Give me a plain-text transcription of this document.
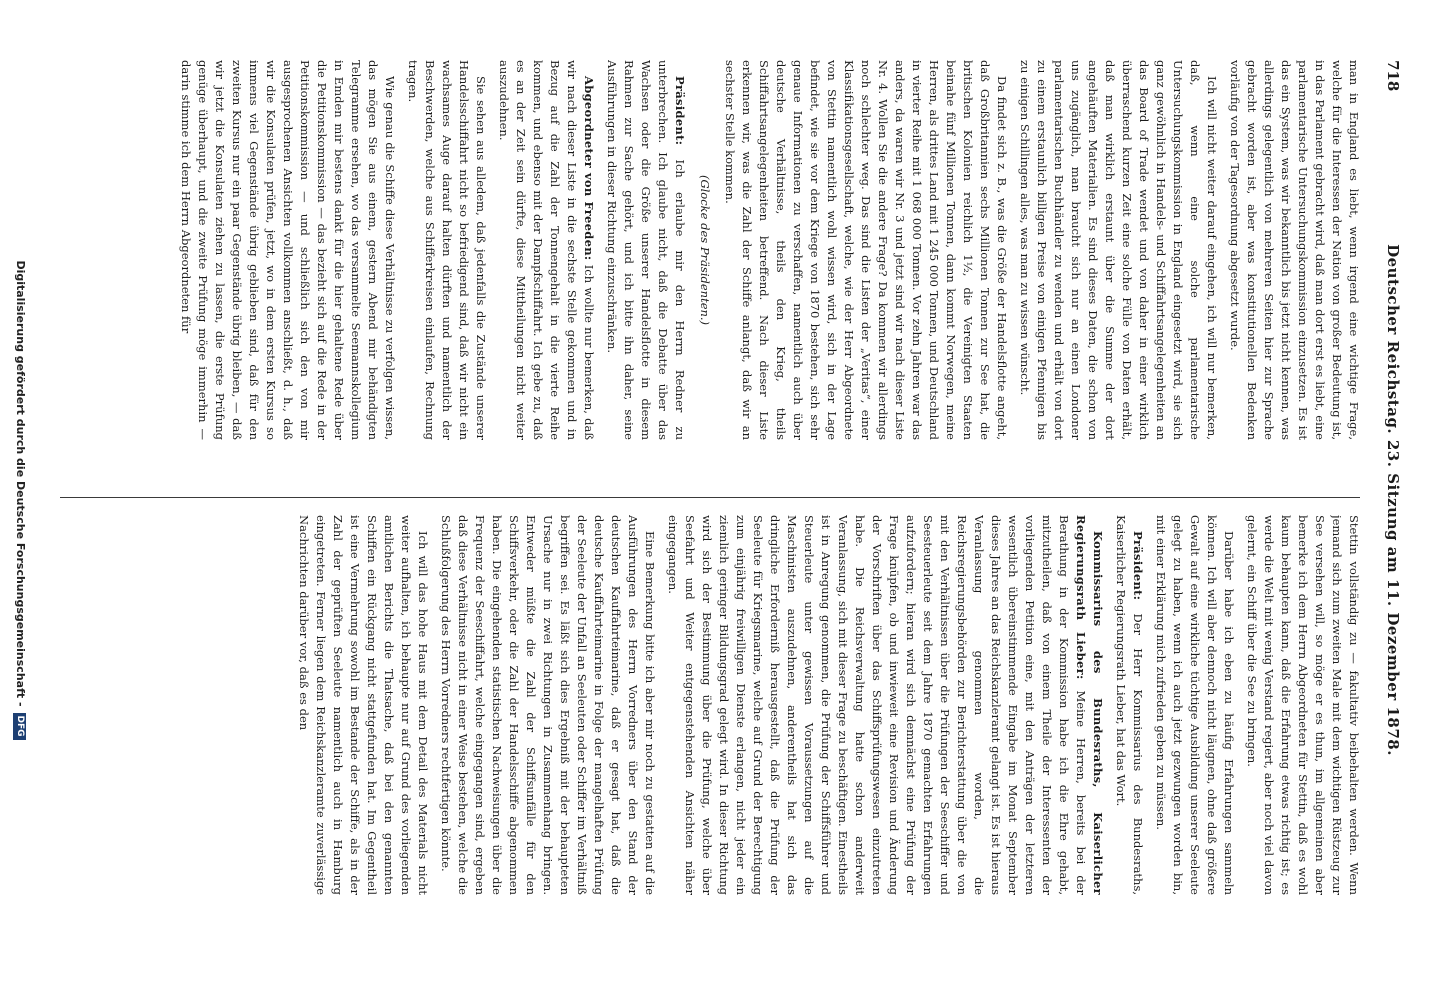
718
Deutscher Reichstag. 23. Sitzung am 11. Dezember 1878.

man in England es liebt, wenn irgend eine wichtige Frage, welche für die Interessen der Nation von großer Bedeutung ist, in das Parlament gebracht wird, daß man dort erst es liebt, eine parlamentarische Untersuchungskommission einzusetzen. Es ist das ein System, was wir bekanntlich bis jetzt nicht kennen, was allerdings gelegentlich von mehreren Seiten hier zur Sprache gebracht worden ist, aber was konstitutionellen Bedenken vorläufig von der Tagesordnung abgesetzt wurde.

Ich will nicht weiter darauf eingehen, ich will nur bemerken, daß, wenn eine solche parlamentarische Untersuchungskommission in England eingesetzt wird, sie sich ganz gewöhnlich in Handels- und Schiffahrtsangelegenheiten an das Board of Trade wendet und von daher in einer wirklich überraschend kurzen Zeit eine solche Fülle von Daten erhält, daß man wirklich erstaunt über die Summe der dort angehäuften Materialien. Es sind dieses Daten, die schon von uns zugänglich, man braucht sich nur an einen Londoner parlamentarischen Buchhändler zu wenden und erhält von dort zu einem erstaunlich billigen Preise von einigen Pfennigen bis zu einigen Schillingen alles, was man zu wissen wünscht.

Da findet sich z. B., was die Größe der Handelsflotte angeht, daß Großbritannien sechs Millionen Tonnen zur See hat, die britischen Kolonien reichlich 1½, die Vereinigten Staaten beinahe fünf Millionen Tonnen, dann kommt Norwegen, meine Herren, als drittes Land mit 1 245 000 Tonnen, und Deutschland in vierter Reihe mit 1 068 000 Tonnen. Vor zehn Jahren war das anders, da waren wir Nr. 3 und jetzt sind wir nach dieser Liste Nr. 4. Wollen Sie die andere Frage? Da kommen wir allerdings noch schlechter weg. Das sind die Listen der „Veritas“, einer Klassifikationsgesellschaft, welche, wie der Herr Abgeordnete von Stettin namentlich wohl wissen wird, sich in der Lage befindet, wie sie vor dem Kriege von 1870 bestehen, sich sehr genaue Informationen zu verschaffen, namentlich auch über deutsche Verhältnisse, theils den Krieg, theils Schiffahrtsangelegenheiten betreffend. Nach dieser Liste erkennen wir, was die Zahl der Schiffe anlangt, daß wir an sechster Stelle kommen.

(Glocke des Präsidenten.)

Präsident: Ich erlaube mir den Herrn Redner zu unterbrechen. Ich glaube nicht, daß die Debatte über das Wachsen oder die Größe unserer Handelsflotte in diesem Rahmen zur Sache gehört, und ich bitte ihn daher, seine Ausführungen in dieser Richtung einzuschränken.

Abgeordneter von Freeden: Ich wollte nur bemerken, daß wir nach dieser Liste in die sechste Stelle gekommen und in Bezug auf die Zahl der Tonnengehalt in die vierte Reihe kommen, und ebenso mit der Dampfschiffahrt. Ich gebe zu, daß es an der Zeit sein dürfte, diese Mittheilungen nicht weiter auszudehnen.

Sie sehen aus alledem, daß jedenfalls die Zustände unserer Handelsschiffahrt nicht so befriedigend sind, daß wir nicht ein wachsames Auge darauf halten dürften und namentlich der Beschwerden, welche aus Schifferkreisen einlaufen, Rechnung tragen.

Wie genau die Schiffe diese Verhältnisse zu verfolgen wissen, das mögen Sie aus einem, gestern Abend mir behändigten Telegramme ersehen, wo das versammelte Seemannskollegium in Emden mir bestens dankt für die hier gehaltene Rede über die Petitionskommission — das bezieht sich auf die Rede in der Petitionskommission — und schließlich sich den von mir ausgesprochenen Ansichten vollkommen anschließt, d. h., daß wir die Konsulaten prüfen, jetzt, wo in dem ersten Kursus so immens viel Gegenstände übrig geblieben sind, daß für den zweiten Kursus nur ein paar Gegenstände übrig bleiben, — daß wir jetzt die Konsulaten ziehen zu lassen, die erste Prüfung genüge überhaupt, und die zweite Prüfung möge immerhin — darin stimme ich dem Herrn Abgeordneten für

Stettin vollständig zu — fakultativ beibehalten werden. Wenn jemand sich zum zweiten Male mit dem wichtigen Rüstzeug zur See versehen will, so möge er es thun, im allgemeinen aber bemerke ich dem Herrn Abgeordneten für Stettin, daß es wohl kaum behaupten kann, daß die Erfahrung etwas richtig ist; es werde die Welt mit wenig Verstand regiert, aber noch viel davon gelernt, ein Schiff über die See zu bringen.

Darüber habe ich eben zu häufig Erfahrungen sammeln können. Ich will aber dennoch nicht läugnen, ohne daß größere Gewalt auf eine wirkliche tüchtige Ausbildung unserer Seeleute gelegt zu haben, wenn ich auch jetzt gezwungen worden bin, mit einer Erklärung mich zufrieden geben zu müssen.

Präsident: Der Herr Kommissarius des Bundesraths, Kaiserlicher Regierungsrath Lieber, hat das Wort.

Kommissarius des Bundesraths, Kaiserlicher Regierungsrath Lieber: Meine Herren, bereits bei der Berathung in der Kommission habe ich die Ehre gehabt, mitzutheilen, daß von einem Theile der Interessenten der vorliegenden Petition eine, mit den Anträgen der letzteren wesentlich übereinstimmende Eingabe im Monat September dieses Jahres an das Reichskanzleramt gelangt ist. Es ist hieraus Veranlassung genommen worden, die Reichsregierungsbehörden zur Berichterstattung über die von mit den Verhältnissen über die Prüfungen der Seeschiffer und Seesteuerleute seit dem Jahre 1870 gemachten Erfahrungen aufzufordern; hieran wird sich demnächst eine Prüfung der Frage knüpfen, ob und inwieweit eine Revision und Änderung der Vorschriften über das Schiffsprüfungswesen einzutreten habe. Die Reichsverwaltung hatte schon anderweit Veranlassung, sich mit dieser Frage zu beschäftigen. Einestheils ist in Anregung genommen, die Prüfung der Schiffsführer und Steuerleute unter gewissen Voraussetzungen auf die Maschinisten auszudehnen, anderentheils hat sich das dringliche Erforderniß herausgestellt, daß die Prüfung der Seeleute für Kriegsmarine, welche auf Grund der Berechtigung zum einjährig freiwilligen Dienste erlangen, nicht jeder ein ziemlich geringer Bildungsgrad gelegt wird. In dieser Richtung wird sich der Bestimmung über die Prüfung, welche über Seefahrt und Weiter entgegenstehenden Ansichten näher eingegangen.

Eine Bemerkung bitte ich aber mir noch zu gestatten auf die Ausführungen des Herrn Vorredners über den Stand der deutschen Kauffahrteimarine, daß er gesagt hat, daß die deutsche Kauffahrteimarine in Folge der mangelhaften Prüfung der Seeleute der Unfall an Seeleuten oder Schiffer im Verhältniß begriffen sei. Es läßt sich dies Ergebniß mit der behaupteten Ursache nur in zwei Richtungen in Zusammenhang bringen. Entweder müßte die Zahl der Schiffsunfälle für den Schiffsverkehr, oder die Zahl der Handelsschiffe abgenommen haben. Die eingehenden statistischen Nachweisungen über die Frequenz der Seeschiffahrt, welche eingegangen sind, ergeben daß diese Verhältnisse nicht in einer Weise bestehen, welche die Schlußfolgerung des Herrn Vorredners rechtfertigen könnte.

Ich will das hohe Haus mit dem Detail des Materials nicht weiter aufhalten, ich behaupte nur auf Grund des vorliegenden amtlichen Berichts die Thatsache, daß bei den genannten Schiffen ein Rückgang nicht stattgefunden hat. Im Gegentheil ist eine Vermehrung sowohl im Bestande der Schiffe, als in der Zahl der geprüften Seeleute namentlich auch in Hamburg eingetreten. Ferner liegen dem Reichskanzleramte zuverlässige Nachrichten darüber vor, daß es den

Digitalisierung gefördert durch die Deutsche Forschungsgemeinschaft -DFG
